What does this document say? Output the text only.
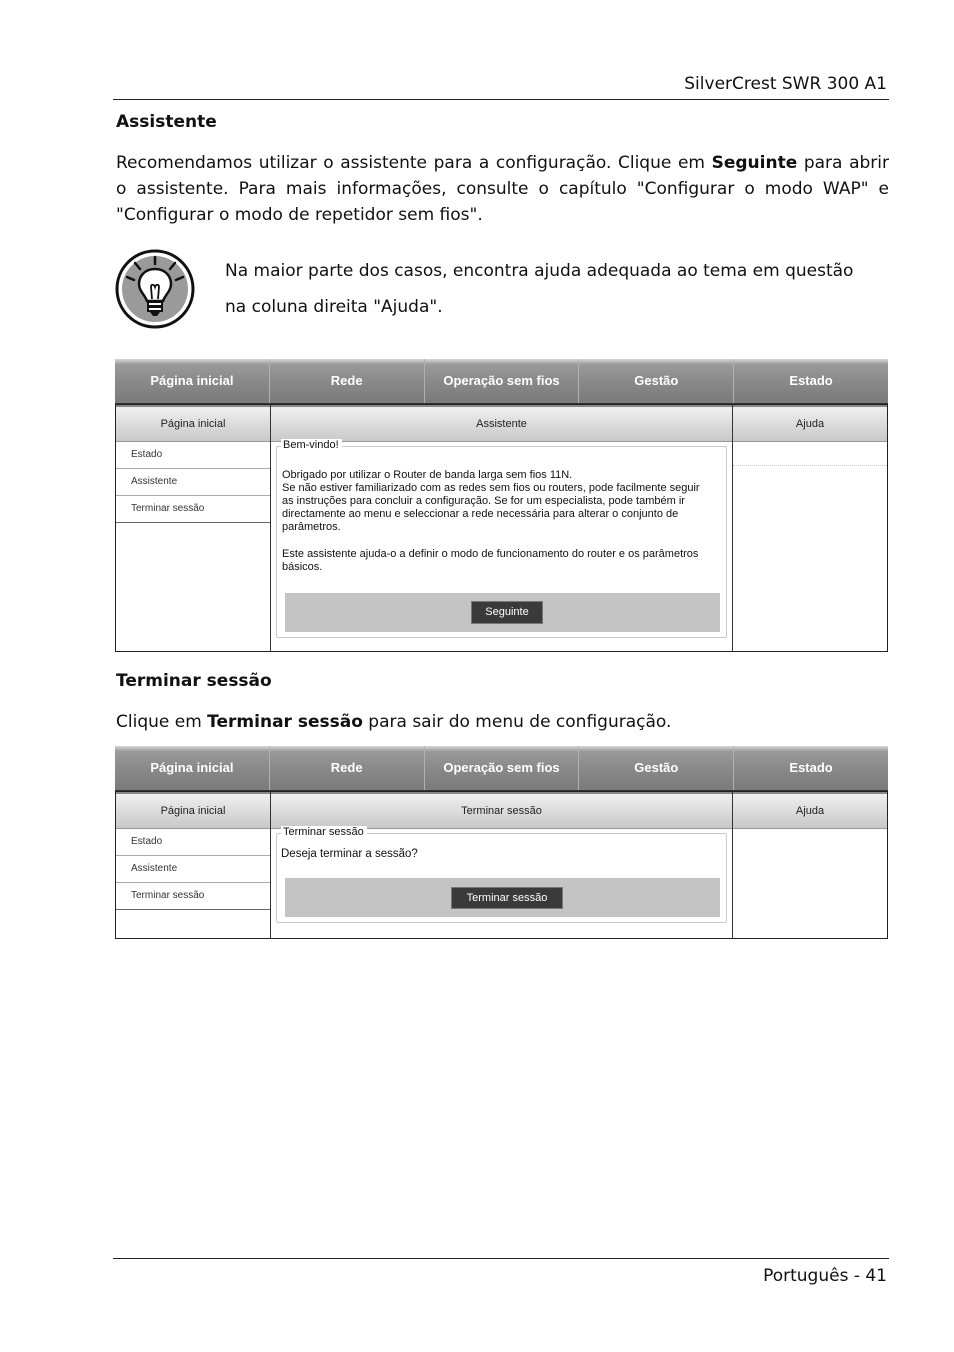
SilverCrest SWR 300 A1
Assistente
Recomendamos utilizar o assistente para a configuração. Clique em Seguinte para abrir o assistente. Para mais informações, consulte o capítulo "Configurar o modo WAP" e "Configurar o modo de repetidor sem fios".
Na maior parte dos casos, encontra ajuda adequada ao tema em questão
na coluna direita "Ajuda".
Página inicial	Rede	Operação sem fios	Gestão	Estado
Página inicial
Estado
Assistente
Terminar sessão
Assistente
Bem-vindo!
Obrigado por utilizar o Router de banda larga sem fios 11N.
Se não estiver familiarizado com as redes sem fios ou routers, pode facilmente seguir
as instruções para concluir a configuração. Se for um especialista, pode também ir
directamente ao menu e seleccionar a rede necessária para alterar o conjunto de
parâmetros.
Este assistente ajuda-o a definir o modo de funcionamento do router e os parâmetros
básicos.
Seguinte
Ajuda
Terminar sessão
Clique em Terminar sessão para sair do menu de configuração.
Página inicial	Rede	Operação sem fios	Gestão	Estado
Página inicial
Estado
Assistente
Terminar sessão
Terminar sessão
Terminar sessão
Deseja terminar a sessão?
Terminar sessão
Ajuda
Português - 41
